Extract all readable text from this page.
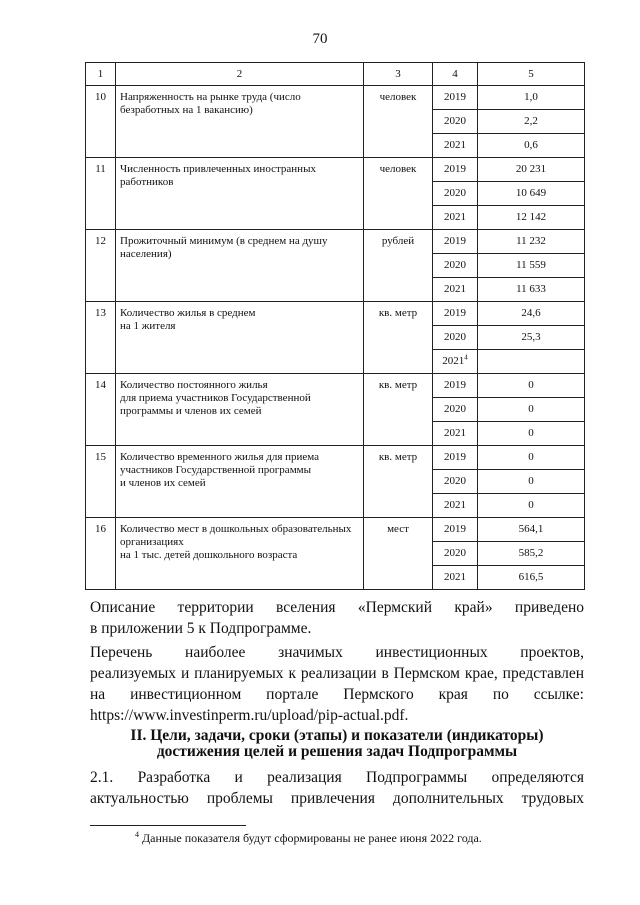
70
1	2	3	4	5
10	Напряженность на рынке труда (число безработных на 1 вакансию)	человек	2019	1,0
			2020	2,2
			2021	0,6
11	Численность привлеченных иностранных работников	человек	2019	20 231
			2020	10 649
			2021	12 142
12	Прожиточный минимум (в среднем на душу населения)	рублей	2019	11 232
			2020	11 559
			2021	11 633
13	Количество жилья в среднем
на 1 жителя	кв. метр	2019	24,6
			2020	25,3
			2021$^4$	
14	Количество постоянного жилья
для приема участников Государственной программы и членов их семей	кв. метр	2019	0
			2020	0
			2021	0
15	Количество временного жилья для приема участников Государственной программы
и членов их семей	кв. метр	2019	0
			2020	0
			2021	0
16	Количество мест в дошкольных образовательных организациях
на 1 тыс. детей дошкольного возраста	мест	2019	564,1
			2020	585,2
			2021	616,5
Описание территории вселения «Пермский край» приведено
в приложении 5 к Подпрограмме.
Перечень наиболее значимых инвестиционных проектов,
реализуемых и планируемых к реализации в Пермском крае, представлен
на инвестиционном портале Пермского края по ссылке:
https://www.investinperm.ru/upload/pip-actual.pdf.
II. Цели, задачи, сроки (этапы) и показатели (индикаторы)
достижения целей и решения задач Подпрограммы
2.1. Разработка и реализация Подпрограммы определяются
актуальностью проблемы привлечения дополнительных трудовых
$^4$ Данные показателя будут сформированы не ранее июня 2022 года.
